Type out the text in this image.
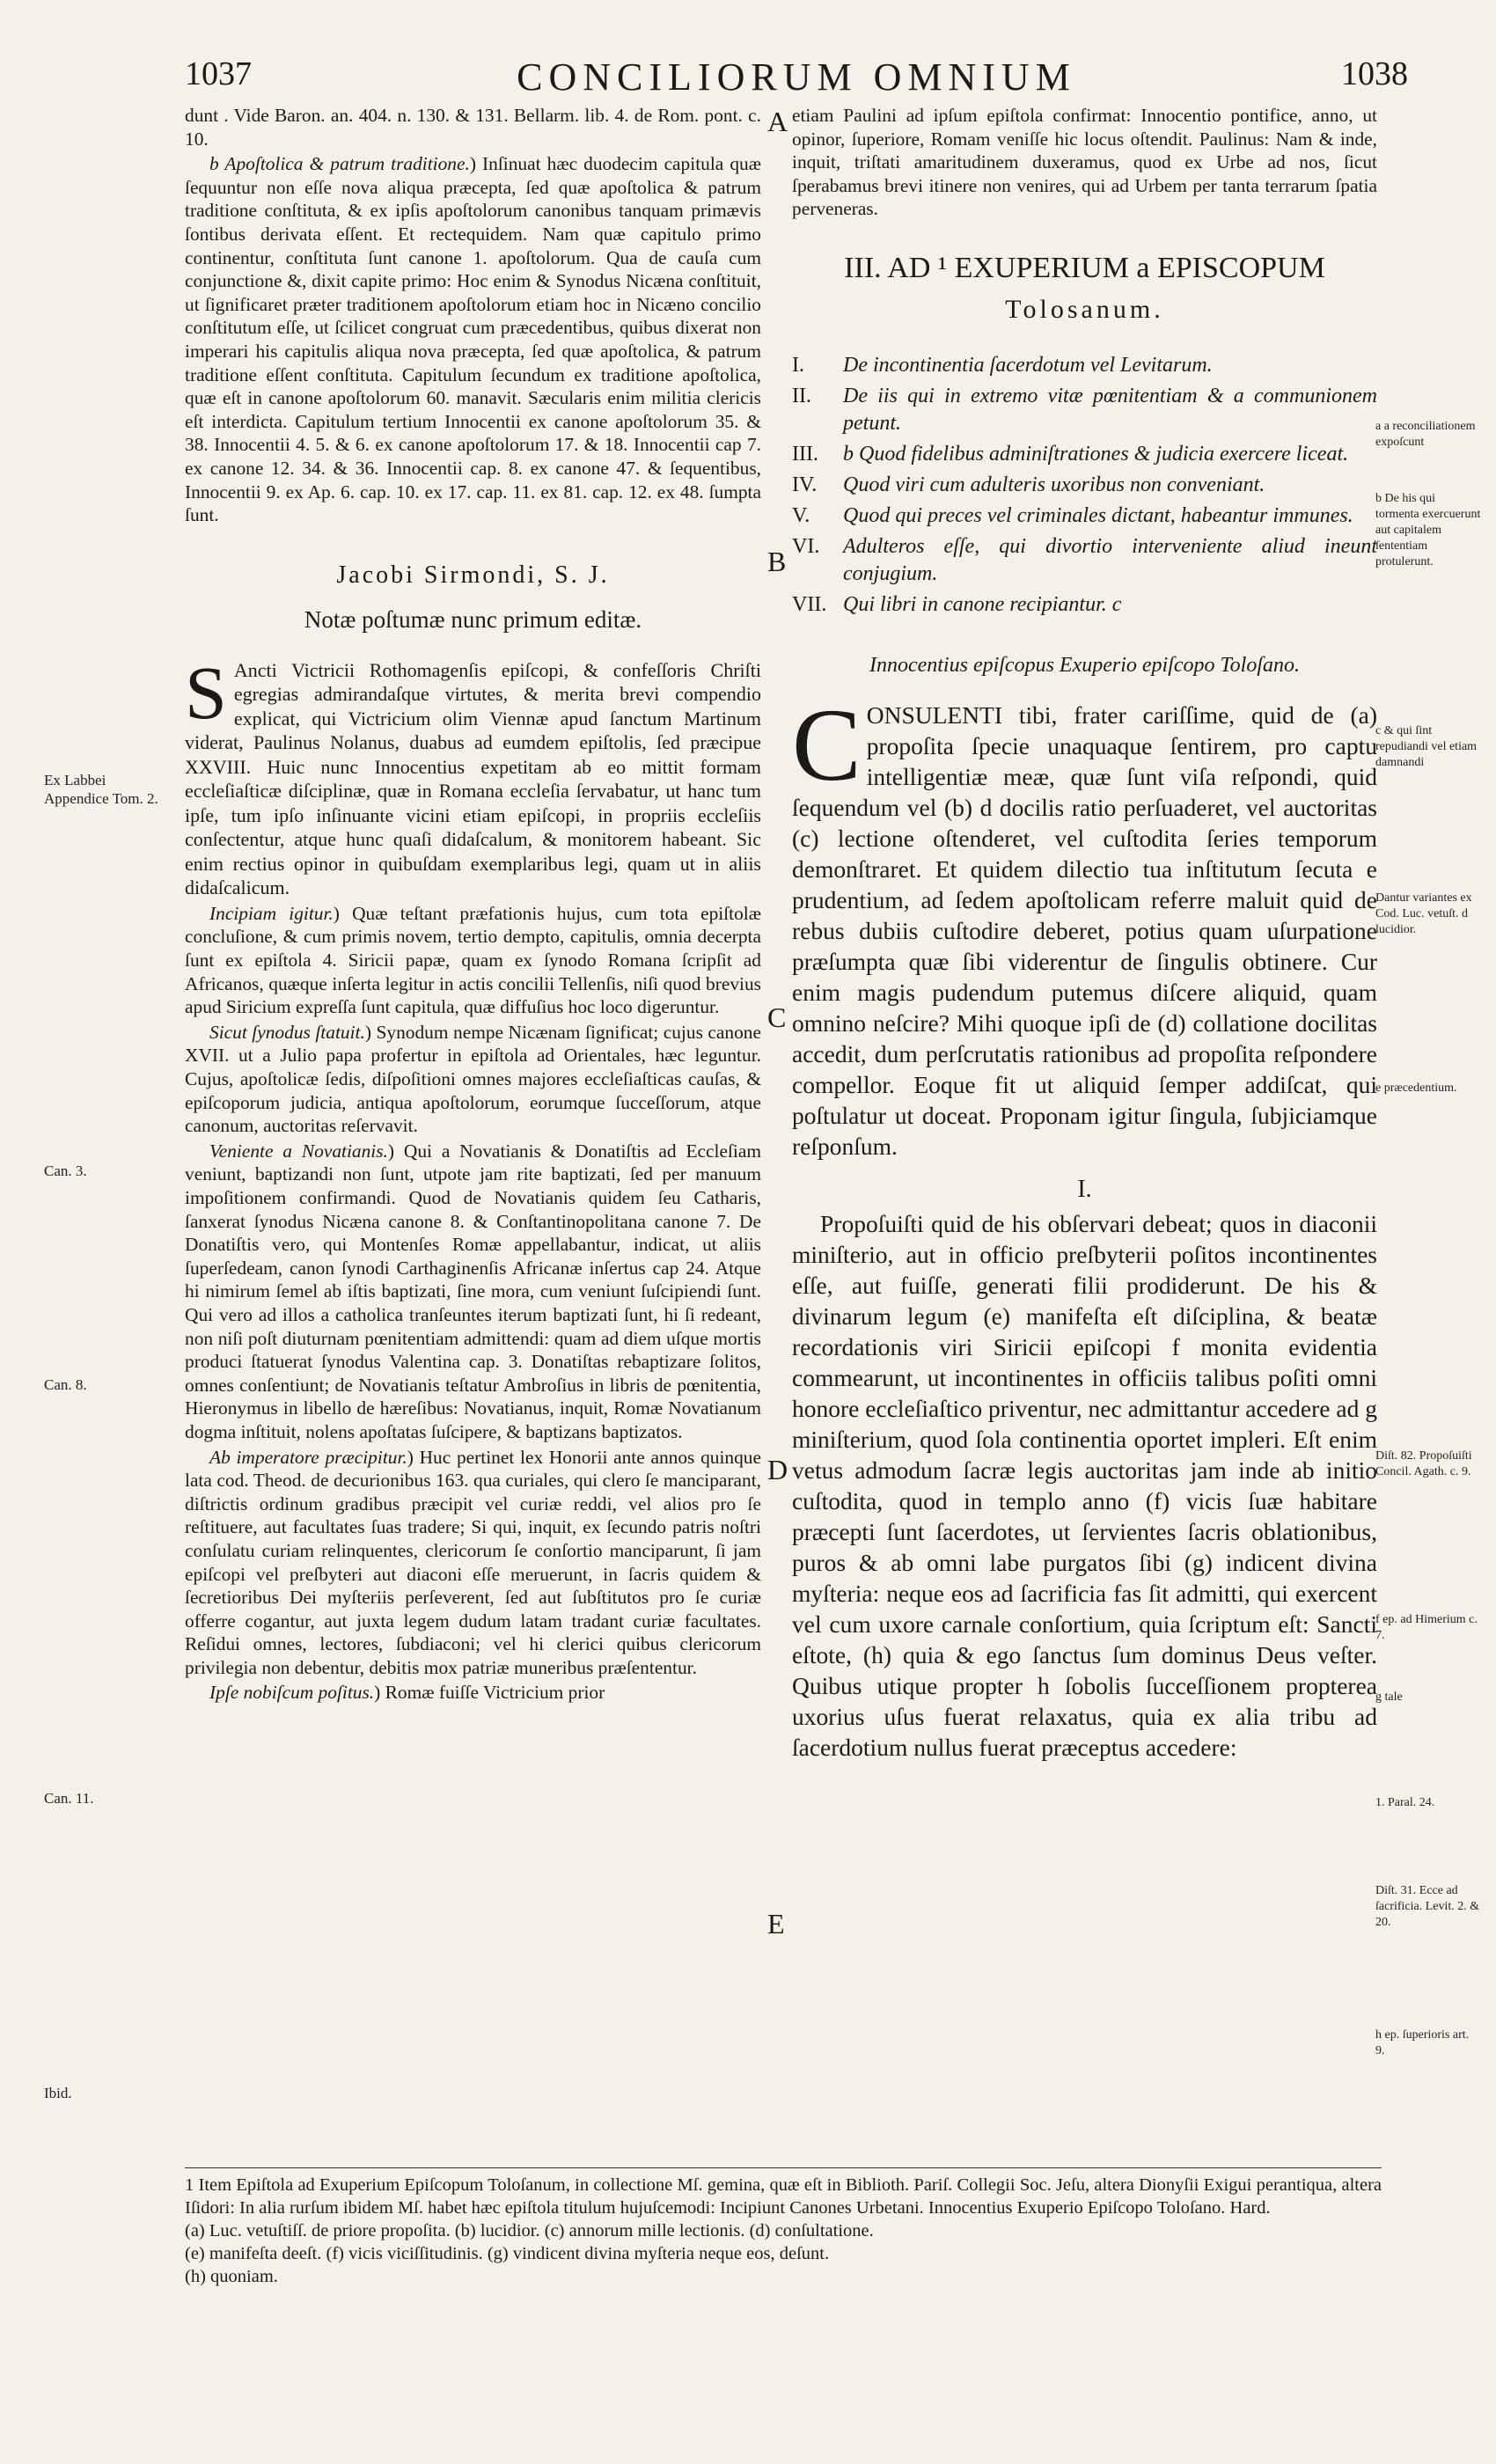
1037	CONCILIORUM OMNIUM	1038

dunt . Vide Baron. an. 404. n. 130. & 131. Bellarm. lib. 4. de Rom. pont. c. 10.

b Apoſtolica & patrum traditione.) Inſinuat hæc duodecim capitula quæ ſequuntur non eſſe nova aliqua præcepta, ſed quæ apoſtolica & patrum traditione conſtituta, & ex ipſis apoſtolorum canonibus tanquam primævis ſontibus derivata eſſent. Et rectequidem. Nam quæ capitulo primo continentur, conſtituta ſunt canone 1. apoſtolorum. Qua de cauſa cum conjunctione &, dixit capite primo: Hoc enim & Synodus Nicæna conſtituit, ut ſignificaret præter traditionem apoſtolorum etiam hoc in Nicæno concilio conſtitutum eſſe, ut ſcilicet congruat cum præcedentibus, quibus dixerat non imperari his capitulis aliqua nova præcepta, ſed quæ apoſtolica, & patrum traditione eſſent conſtituta. Capitulum ſecundum ex traditione apoſtolica, quæ eſt in canone apoſtolorum 60. manavit. Sæcularis enim militia clericis eſt interdicta. Capitulum tertium Innocentii ex canone apoſtolorum 35. & 38. Innocentii 4. 5. & 6. ex canone apoſtolorum 17. & 18. Innocentii cap 7. ex canone 12. 34. & 36. Innocentii cap. 8. ex canone 47. & ſequentibus, Innocentii 9. ex Ap. 6. cap. 10. ex 17. cap. 11. ex 81. cap. 12. ex 48. ſumpta ſunt.

Jacobi Sirmondi, S. J.
Notæ poſtumæ nunc primum editæ.

S Ancti Victricii Rothomagenſis epiſcopi, & confeſſoris Chriſti egregias admirandaſque virtutes, & merita brevi compendio explicat, qui Victricium olim Viennæ apud ſanctum Martinum viderat, Paulinus Nolanus, duabus ad eumdem epiſtolis, ſed præcipue XXVIII. Huic nunc Innocentius expetitam ab eo mittit formam eccleſiaſticæ diſciplinæ, quæ in Romana eccleſia ſervabatur, ut hanc tum ipſe, tum ipſo inſinuante vicini etiam epiſcopi, in propriis eccleſiis conſectentur, atque hunc quaſi didaſcalum, & monitorem habeant. Sic enim rectius opinor in quibuſdam exemplaribus legi, quam ut in aliis didaſcalicum.

Incipiam igitur.) Quæ teſtant præfationis hujus, cum tota epiſtolæ concluſione, & cum primis novem, tertio dempto, capitulis, omnia decerpta ſunt ex epiſtola 4. Siricii papæ, quam ex ſynodo Romana ſcripſit ad Africanos, quæque inſerta legitur in actis concilii Tellenſis, niſi quod brevius apud Siricium expreſſa ſunt capitula, quæ diffuſius hoc loco digeruntur.

Sicut ſynodus ſtatuit.) Synodum nempe Nicænam ſignificat; cujus canone XVII. ut a Julio papa profertur in epiſtola ad Orientales, hæc leguntur. Cujus, apoſtolicæ ſedis, diſpoſitioni omnes majores eccleſiaſticas cauſas, & epiſcoporum judicia, antiqua apoſtolorum, eorumque ſucceſſorum, atque canonum, auctoritas reſervavit.

Veniente a Novatianis.) Qui a Novatianis & Donatiſtis ad Eccleſiam veniunt, baptizandi non ſunt, utpote jam rite baptizati, ſed per manuum impoſitionem confirmandi. Quod de Novatianis quidem ſeu Catharis, ſanxerat ſynodus Nicæna canone 8. & Conſtantinopolitana canone 7. De Donatiſtis vero, qui Montenſes Romæ appellabantur, indicat, ut aliis ſuperſedeam, canon ſynodi Carthaginenſis Africanæ inſertus cap 24. Atque hi nimirum ſemel ab iſtis baptizati, ſine mora, cum veniunt ſuſcipiendi ſunt. Qui vero ad illos a catholica tranſeuntes iterum baptizati ſunt, hi ſi redeant, non niſi poſt diuturnam pœnitentiam admittendi: quam ad diem uſque mortis produci ſtatuerat ſynodus Valentina cap. 3. Donatiſtas rebaptizare ſolitos, omnes conſentiunt; de Novatianis teſtatur Ambroſius in libris de pœnitentia, Hieronymus in libello de hæreſibus: Novatianus, inquit, Romæ Novatianum dogma inſtituit, nolens apoſtatas ſuſcipere, & baptizans baptizatos.

Ab imperatore præcipitur.) Huc pertinet lex Honorii ante annos quinque lata cod. Theod. de decurionibus 163. qua curiales, qui clero ſe manciparant, diſtrictis ordinum gradibus præcipit vel curiæ reddi, vel alios pro ſe reſtituere, aut facultates ſuas tradere; Si qui, inquit, ex ſecundo patris noſtri conſulatu curiam relinquentes, clericorum ſe conſortio manciparunt, ſi jam epiſcopi vel preſbyteri aut diaconi eſſe meruerunt, in ſacris quidem & ſecretioribus Dei myſteriis perſeverent, ſed aut ſubſtitutos pro ſe curiæ offerre cogantur, aut juxta legem dudum latam tradant curiæ facultates. Reſidui omnes, lectores, ſubdiaconi; vel hi clerici quibus clericorum privilegia non debentur, debitis mox patriæ muneribus præſententur.

Ipſe nobiſcum poſitus.) Romæ fuiſſe Victricium prior

etiam Paulini ad ipſum epiſtola confirmat: Innocentio pontifice, anno, ut opinor, ſuperiore, Romam veniſſe hic locus oſtendit. Paulinus: Nam & inde, inquit, triſtati amaritudinem duxeramus, quod ex Urbe ad nos, ſicut ſperabamus brevi itinere non venires, qui ad Urbem per tanta terrarum ſpatia perveneras.

III. AD ¹ EXUPERIUM a EPISCOPUM
Tolosanum.
I. De incontinentia ſacerdotum vel Levitarum.
II. De iis qui in extremo vitæ pœnitentiam & a communionem petunt.
III. b Quod fidelibus adminiſtrationes & judicia exercere liceat.
IV. Quod viri cum adulteris uxoribus non conveniant.
V. Quod qui preces vel criminales dictant, habeantur immunes.
VI. Adulteros eſſe, qui divortio interveniente aliud ineunt conjugium.
VII. Qui libri in canone recipiantur. c
Innocentius epiſcopus Exuperio epiſcopo Toloſano.

CONSULENTI tibi, frater cariſſime, quid de (a) propoſita ſpecie unaquaque ſentirem, pro captu intelligentiæ meæ, quæ ſunt viſa reſpondi, quid ſequendum vel (b) d docilis ratio perſuaderet, vel auctoritas (c) lectione oſtenderet, vel cuſtodita ſeries temporum demonſtraret. Et quidem dilectio tua inſtitutum ſecuta e prudentium, ad ſedem apoſtolicam referre maluit quid de rebus dubiis cuſtodire deberet, potius quam uſurpatione præſumpta quæ ſibi viderentur de ſingulis obtinere. Cur enim magis pudendum putemus diſcere aliquid, quam omnino neſcire? Mihi quoque ipſi de (d) collatione docilitas accedit, dum perſcrutatis rationibus ad propoſita reſpondere compellor. Eoque fit ut aliquid ſemper addiſcat, qui poſtulatur ut doceat. Proponam igitur ſingula, ſubjiciamque reſponſum.

I.

Propoſuiſti quid de his obſervari debeat; quos in diaconii miniſterio, aut in officio preſbyterii poſitos incontinentes eſſe, aut fuiſſe, generati filii prodiderunt. De his & divinarum legum (e) manifeſta eſt diſciplina, & beatæ recordationis viri Siricii epiſcopi f monita evidentia commearunt, ut incontinentes in officiis talibus poſiti omni honore eccleſiaſtico priventur, nec admittantur accedere ad g miniſterium, quod ſola continentia oportet impleri. Eſt enim vetus admodum ſacræ legis auctoritas jam inde ab initio cuſtodita, quod in templo anno (f) vicis ſuæ habitare præcepti ſunt ſacerdotes, ut ſervientes ſacris oblationibus, puros & ab omni labe purgatos ſibi (g) indicent divina myſteria: neque eos ad ſacrificia fas ſit admitti, qui exercent vel cum uxore carnale conſortium, quia ſcriptum eſt: Sancti eſtote, (h) quia & ego ſanctus ſum dominus Deus veſter. Quibus utique propter h ſobolis ſucceſſionem propterea uxorius uſus fuerat relaxatus, quia ex alia tribu ad ſacerdotium nullus fuerat præceptus accedere:

A
B
C
D
E
Ex Labbei Appendice Tom. 2.
Can. 3.
Can. 8.
Can. 11.
Ibid.
a a reconciliationem expoſcunt
b De his qui tormenta exercuerunt aut capitalem ſententiam protulerunt.
c & qui ſint repudiandi vel etiam damnandi
Dantur variantes ex Cod. Luc. vetuſt. d lucidior.
e præcedentium.
Diſt. 82. Propoſuiſti Concil. Agath. c. 9.
f ep. ad Himerium c. 7.
g tale
1. Paral. 24.
Diſt. 31. Ecce ad ſacrificia. Levit. 2. & 20.
h ep. ſuperioris art. 9.

1 Item Epiſtola ad Exuperium Epiſcopum Toloſanum, in collectione Mſ. gemina, quæ eſt in Biblioth. Pariſ. Collegii Soc. Jeſu, altera Dionyſii Exigui perantiqua, altera Iſidori: In alia rurſum ibidem Mſ. habet hæc epiſtola titulum hujuſcemodi: Incipiunt Canones Urbetani. Innocentius Exuperio Epiſcopo Toloſano. Hard.

(a) Luc. vetuſtiſſ. de priore propoſita. (b) lucidior. (c) annorum mille lectionis. (d) conſultatione.

(e) manifeſta deeſt. (f) vicis viciſſitudinis. (g) vindicent divina myſteria neque eos, deſunt.

(h) quoniam.
